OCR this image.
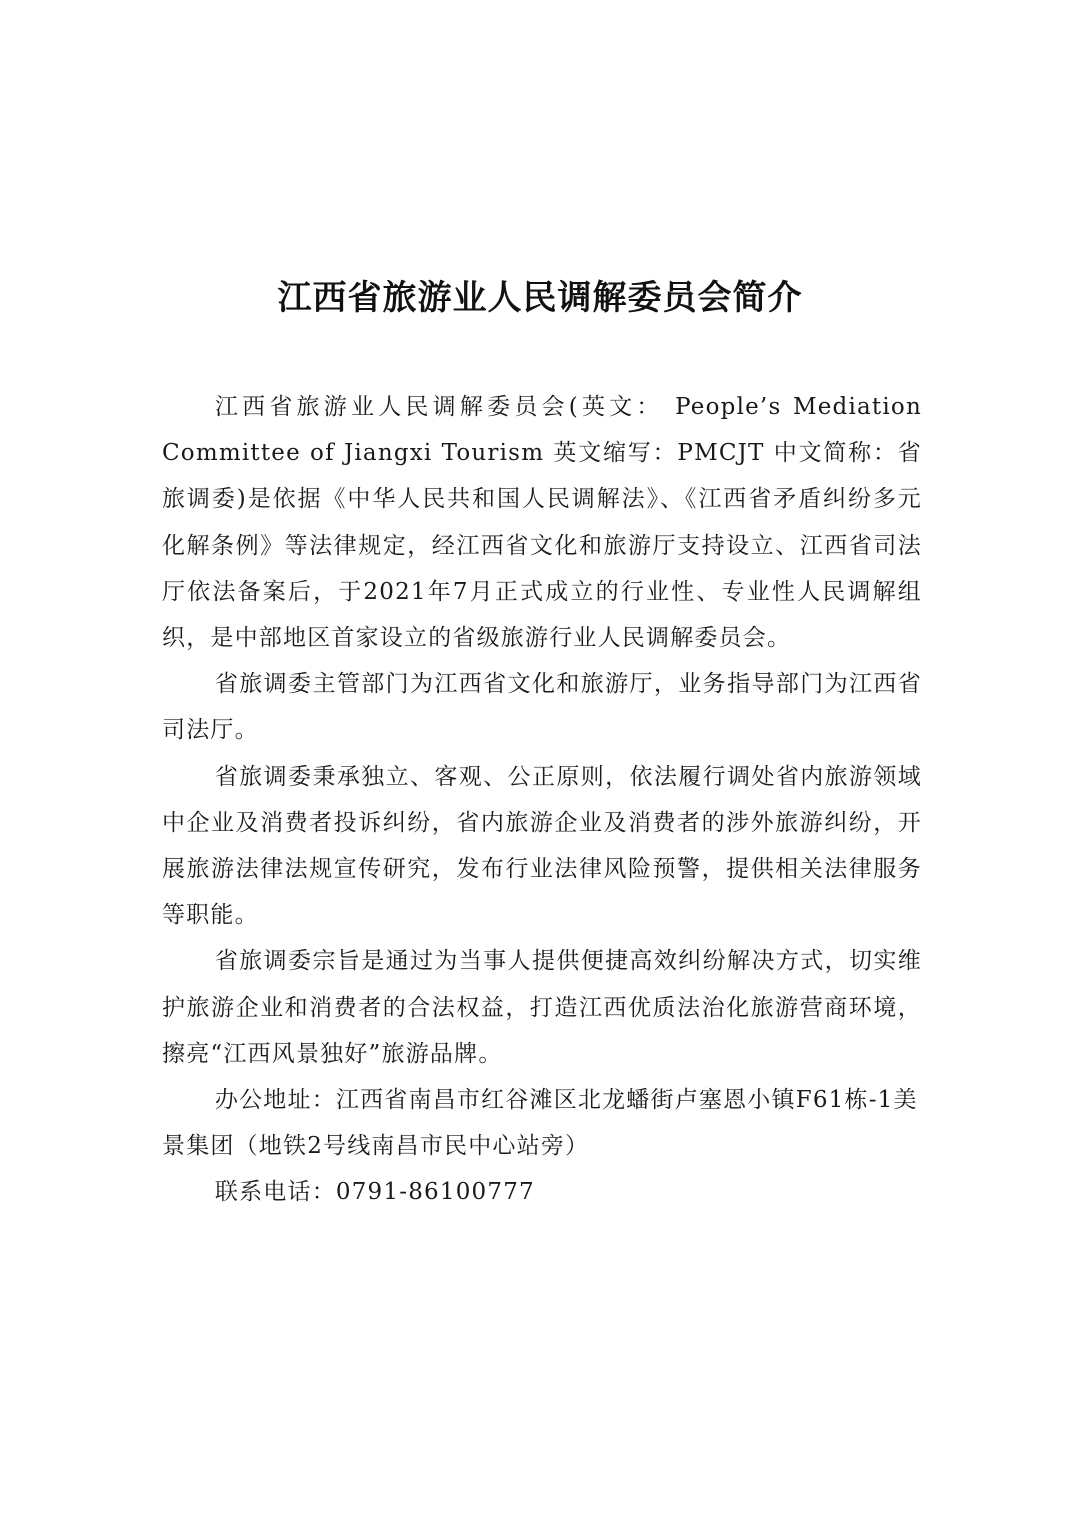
江西省旅游业人民调解委员会简介

江西省旅游业人民调解委员会(英文： People’s Mediation Committee of Jiangxi Tourism 英文缩写：PMCJT 中文简称：省旅调委)是依据《中华人民共和国人民调解法》、《江西省矛盾纠纷多元化解条例》等法律规定，经江西省文化和旅游厅支持设立、江西省司法厅依法备案后，于2021年7月正式成立的行业性、专业性人民调解组织，是中部地区首家设立的省级旅游行业人民调解委员会。

省旅调委主管部门为江西省文化和旅游厅，业务指导部门为江西省司法厅。

省旅调委秉承独立、客观、公正原则，依法履行调处省内旅游领域中企业及消费者投诉纠纷，省内旅游企业及消费者的涉外旅游纠纷，开展旅游法律法规宣传研究，发布行业法律风险预警，提供相关法律服务等职能。

省旅调委宗旨是通过为当事人提供便捷高效纠纷解决方式，切实维护旅游企业和消费者的合法权益，打造江西优质法治化旅游营商环境，擦亮“江西风景独好”旅游品牌。

办公地址：江西省南昌市红谷滩区北龙蟠街卢塞恩小镇F61栋-1美景集团（地铁2号线南昌市民中心站旁）

联系电话：0791-86100777
